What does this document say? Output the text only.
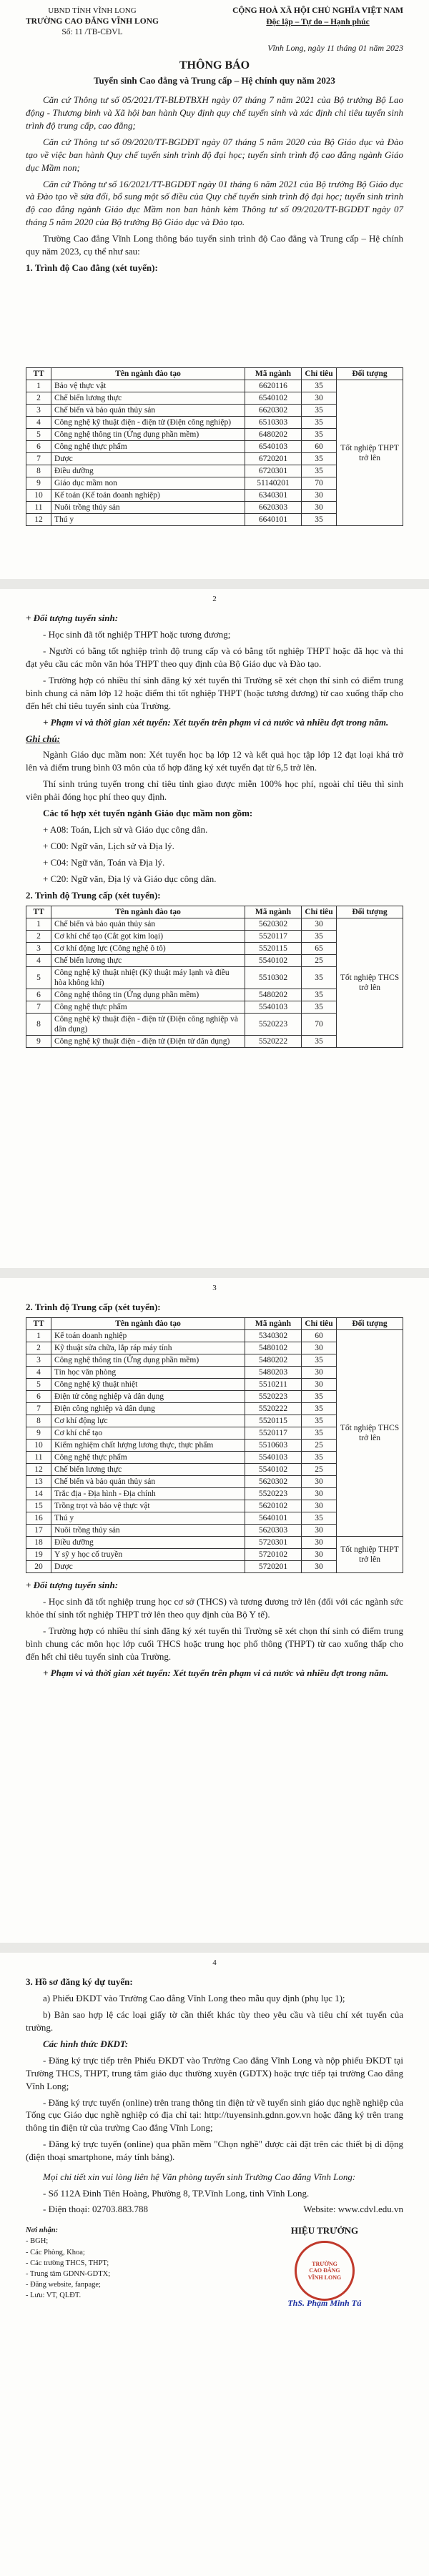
UBND TỈNH VĨNH LONG
TRƯỜNG CAO ĐẲNG VĨNH LONG
Số: 11 /TB-CĐVL
CỘNG HOÀ XÃ HỘI CHỦ NGHĨA VIỆT NAM
Độc lập – Tự do – Hạnh phúc
Vĩnh Long, ngày 11 tháng 01 năm 2023
THÔNG BÁO
Tuyển sinh Cao đẳng và Trung cấp – Hệ chính quy năm 2023

Căn cứ Thông tư số 05/2021/TT-BLĐTBXH ngày 07 tháng 7 năm 2021 của Bộ trưởng Bộ Lao động - Thương binh và Xã hội ban hành Quy định quy chế tuyển sinh và xác định chỉ tiêu tuyển sinh trình độ trung cấp, cao đẳng;

Căn cứ Thông tư số 09/2020/TT-BGDĐT ngày 07 tháng 5 năm 2020 của Bộ Giáo dục và Đào tạo về việc ban hành Quy chế tuyển sinh trình độ đại học; tuyển sinh trình độ cao đẳng ngành Giáo dục Mầm non;

Căn cứ Thông tư số 16/2021/TT-BGDĐT ngày 01 tháng 6 năm 2021 của Bộ trưởng Bộ Giáo dục và Đào tạo về sửa đổi, bổ sung một số điều của Quy chế tuyển sinh trình độ đại học; tuyển sinh trình độ cao đẳng ngành Giáo dục Mầm non ban hành kèm Thông tư số 09/2020/TT-BGDĐT ngày 07 tháng 5 năm 2020 của Bộ trưởng Bộ Giáo dục và Đào tạo.

Trường Cao đẳng Vĩnh Long thông báo tuyển sinh trình độ Cao đẳng và Trung cấp – Hệ chính quy năm 2023, cụ thể như sau:

1. Trình độ Cao đẳng (xét tuyển):

TT	Tên ngành đào tạo	Mã ngành	Chỉ tiêu	Đối tượng
1	Bảo vệ thực vật	6620116	35	Tốt nghiệp THPT trở lên
2	Chế biến lương thực	6540102	30	
3	Chế biến và bảo quản thủy sản	6620302	35	
4	Công nghệ kỹ thuật điện - điện tử (Điện công nghiệp)	6510303	35	
5	Công nghệ thông tin (Ứng dụng phần mềm)	6480202	35	
6	Công nghệ thực phẩm	6540103	60	
7	Dược	6720201	35	
8	Điều dưỡng	6720301	35	
9	Giáo dục mầm non	51140201	70	
10	Kế toán (Kế toán doanh nghiệp)	6340301	30	
11	Nuôi trồng thủy sản	6620303	30	
12	Thú y	6640101	35	
2

+ Đối tượng tuyển sinh:

- Học sinh đã tốt nghiệp THPT hoặc tương đương;

- Người có bằng tốt nghiệp trình độ trung cấp và có bằng tốt nghiệp THPT hoặc đã học và thi đạt yêu cầu các môn văn hóa THPT theo quy định của Bộ Giáo dục và Đào tạo.

- Trường hợp có nhiều thí sinh đăng ký xét tuyển thì Trường sẽ xét chọn thí sinh có điểm trung bình chung cả năm lớp 12 hoặc điểm thi tốt nghiệp THPT (hoặc tương đương) từ cao xuống thấp cho đến hết chỉ tiêu tuyển sinh của Trường.

+ Phạm vi và thời gian xét tuyển: Xét tuyển trên phạm vi cả nước và nhiều đợt trong năm.

Ghi chú:

Ngành Giáo dục mầm non: Xét tuyển học bạ lớp 12 và kết quả học tập lớp 12 đạt loại khá trở lên và điểm trung bình 03 môn của tổ hợp đăng ký xét tuyển đạt từ 6,5 trở lên.

Thí sinh trúng tuyển trong chỉ tiêu tỉnh giao được miễn 100% học phí, ngoài chỉ tiêu thì sinh viên phải đóng học phí theo quy định.

Các tổ hợp xét tuyển ngành Giáo dục mầm non gồm:

+ A08: Toán, Lịch sử và Giáo dục công dân.

+ C00: Ngữ văn, Lịch sử và Địa lý.

+ C04: Ngữ văn, Toán và Địa lý.

+ C20: Ngữ văn, Địa lý và Giáo dục công dân.

2. Trình độ Trung cấp (xét tuyển):

TT	Tên ngành đào tạo	Mã ngành	Chỉ tiêu	Đối tượng
1	Chế biến và bảo quản thủy sản	5620302	30	Tốt nghiệp THCS trở lên
2	Cơ khí chế tạo (Cắt gọt kim loại)	5520117	35	
3	Cơ khí động lực (Công nghệ ô tô)	5520115	65	
4	Chế biến lương thực	5540102	25	
5	Công nghệ kỹ thuật nhiệt (Kỹ thuật máy lạnh và điều hòa không khí)	5510302	35	
6	Công nghệ thông tin (Ứng dụng phần mềm)	5480202	35	
7	Công nghệ thực phẩm	5540103	35	
8	Công nghệ kỹ thuật điện - điện tử (Điện công nghiệp và dân dụng)	5520223	70	
9	Công nghệ kỹ thuật điện - điện tử (Điện tử dân dụng)	5520222	35	
3

2. Trình độ Trung cấp (xét tuyển):

TT	Tên ngành đào tạo	Mã ngành	Chỉ tiêu	Đối tượng
1	Kế toán doanh nghiệp	5340302	60	Tốt nghiệp THCS trở lên
2	Kỹ thuật sửa chữa, lắp ráp máy tính	5480102	30	
3	Công nghệ thông tin (Ứng dụng phần mềm)	5480202	35	
4	Tin học văn phòng	5480203	30	
5	Công nghệ kỹ thuật nhiệt	5510211	30	
6	Điện tử công nghiệp và dân dụng	5520223	35	
7	Điện công nghiệp và dân dụng	5520222	35	
8	Cơ khí động lực	5520115	35	
9	Cơ khí chế tạo	5520117	35	
10	Kiểm nghiệm chất lượng lương thực, thực phẩm	5510603	25	
11	Công nghệ thực phẩm	5540103	35	
12	Chế biến lương thực	5540102	25	
13	Chế biến và bảo quản thủy sản	5620302	30	
14	Trắc địa - Địa hình - Địa chính	5520223	30	
15	Trồng trọt và bảo vệ thực vật	5620102	30	
16	Thú y	5640101	35	
17	Nuôi trồng thủy sản	5620303	30	
18	Điều dưỡng	5720301	30	Tốt nghiệp THPT trở lên
19	Y sỹ y học cổ truyền	5720102	30	
20	Dược	5720201	30	

+ Đối tượng tuyển sinh:

- Học sinh đã tốt nghiệp trung học cơ sở (THCS) và tương đương trở lên (đối với các ngành sức khỏe thí sinh tốt nghiệp THPT trở lên theo quy định của Bộ Y tế).

- Trường hợp có nhiều thí sinh đăng ký xét tuyển thì Trường sẽ xét chọn thí sinh có điểm trung bình chung các môn học lớp cuối THCS hoặc trung học phổ thông (THPT) từ cao xuống thấp cho đến hết chỉ tiêu tuyển sinh của Trường.

+ Phạm vi và thời gian xét tuyển: Xét tuyển trên phạm vi cả nước và nhiều đợt trong năm.

4

3. Hồ sơ đăng ký dự tuyển:

a) Phiếu ĐKDT vào Trường Cao đẳng Vĩnh Long theo mẫu quy định (phụ lục 1);

b) Bản sao hợp lệ các loại giấy tờ cần thiết khác tùy theo yêu cầu và tiêu chí xét tuyển của trường.

Các hình thức ĐKDT:

- Đăng ký trực tiếp trên Phiếu ĐKDT vào Trường Cao đẳng Vĩnh Long và nộp phiếu ĐKDT tại Trường THCS, THPT, trung tâm giáo dục thường xuyên (GDTX) hoặc trực tiếp tại trường Cao đẳng Vĩnh Long;

- Đăng ký trực tuyến (online) trên trang thông tin điện tử về tuyển sinh giáo dục nghề nghiệp của Tổng cục Giáo dục nghề nghiệp có địa chỉ tại: http://tuyensinh.gdnn.gov.vn hoặc đăng ký trên trang thông tin điện tử của trường Cao đẳng Vĩnh Long;

- Đăng ký trực tuyến (online) qua phần mềm "Chọn nghề" được cài đặt trên các thiết bị di động (điện thoại smartphone, máy tính bảng).

Mọi chi tiết xin vui lòng liên hệ Văn phòng tuyển sinh Trường Cao đẳng Vĩnh Long:

- Số 112A Đinh Tiên Hoàng, Phường 8, TP.Vĩnh Long, tỉnh Vĩnh Long.

- Điện thoại: 02703.883.788	Website: www.cdvl.edu.vn
Nơi nhận:
- BGH;
- Các Phòng, Khoa;
- Các trường THCS, THPT;
- Trung tâm GDNN-GDTX;
- Đăng website, fanpage;
- Lưu: VT, QLĐT.
HIỆU TRƯỞNG
TRƯỜNG
CAO ĐẲNG
VĨNH LONG
ThS. Phạm Minh Tú
